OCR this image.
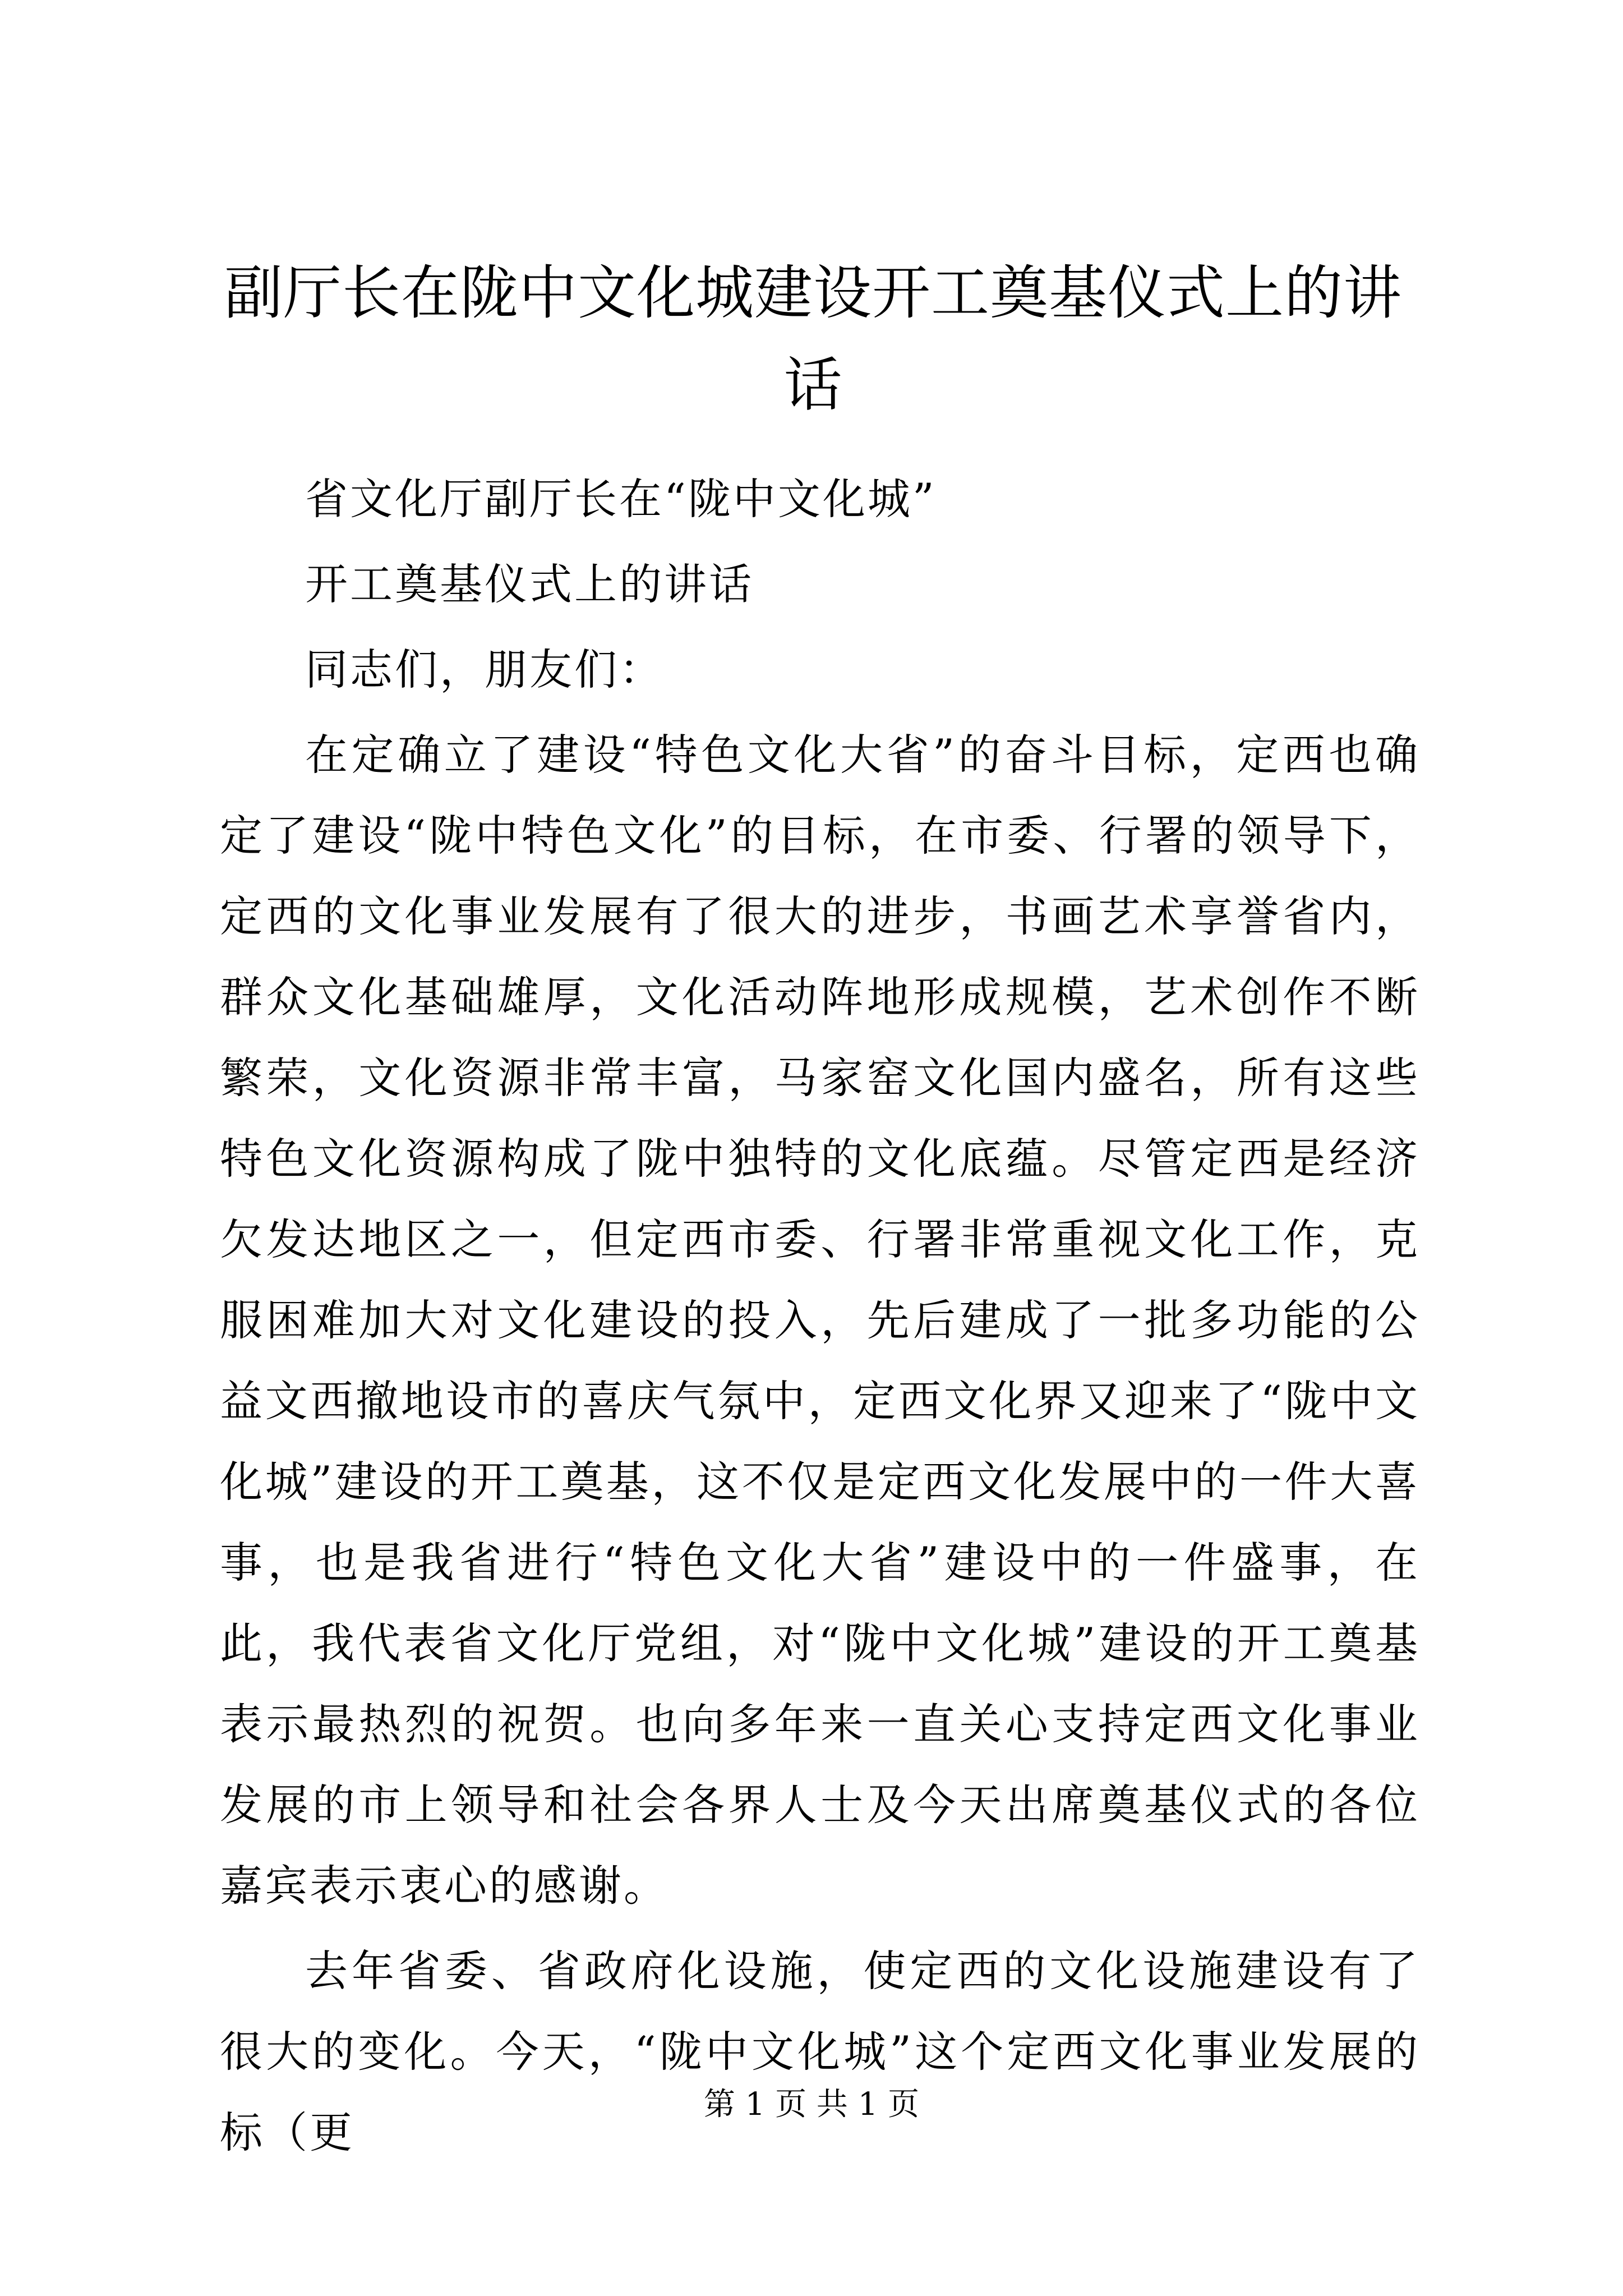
副厅长在陇中文化城建设开工奠基仪式上的讲话

省文化厅副厅长在“陇中文化城”

开工奠基仪式上的讲话

同志们，朋友们：

在定确立了建设“特色文化大省”的奋斗目标，定西也确定了建设“陇中特色文化”的目标，在市委、行署的领导下，定西的文化事业发展有了很大的进步，书画艺术享誉省内，群众文化基础雄厚，文化活动阵地形成规模，艺术创作不断繁荣，文化资源非常丰富，马家窑文化国内盛名，所有这些特色文化资源构成了陇中独特的文化底蕴。尽管定西是经济欠发达地区之一，但定西市委、行署非常重视文化工作，克服困难加大对文化建设的投入，先后建成了一批多功能的公益文西撤地设市的喜庆气氛中，定西文化界又迎来了“陇中文化城”建设的开工奠基，这不仅是定西文化发展中的一件大喜事，也是我省进行“特色文化大省”建设中的一件盛事，在此，我代表省文化厅党组，对“陇中文化城”建设的开工奠基表示最热烈的祝贺。也向多年来一直关心支持定西文化事业发展的市上领导和社会各界人士及今天出席奠基仪式的各位嘉宾表示衷心的感谢。

去年省委、省政府化设施，使定西的文化设施建设有了很大的变化。今天，“陇中文化城”这个定西文化事业发展的标（更

第 1 页 共 1 页
